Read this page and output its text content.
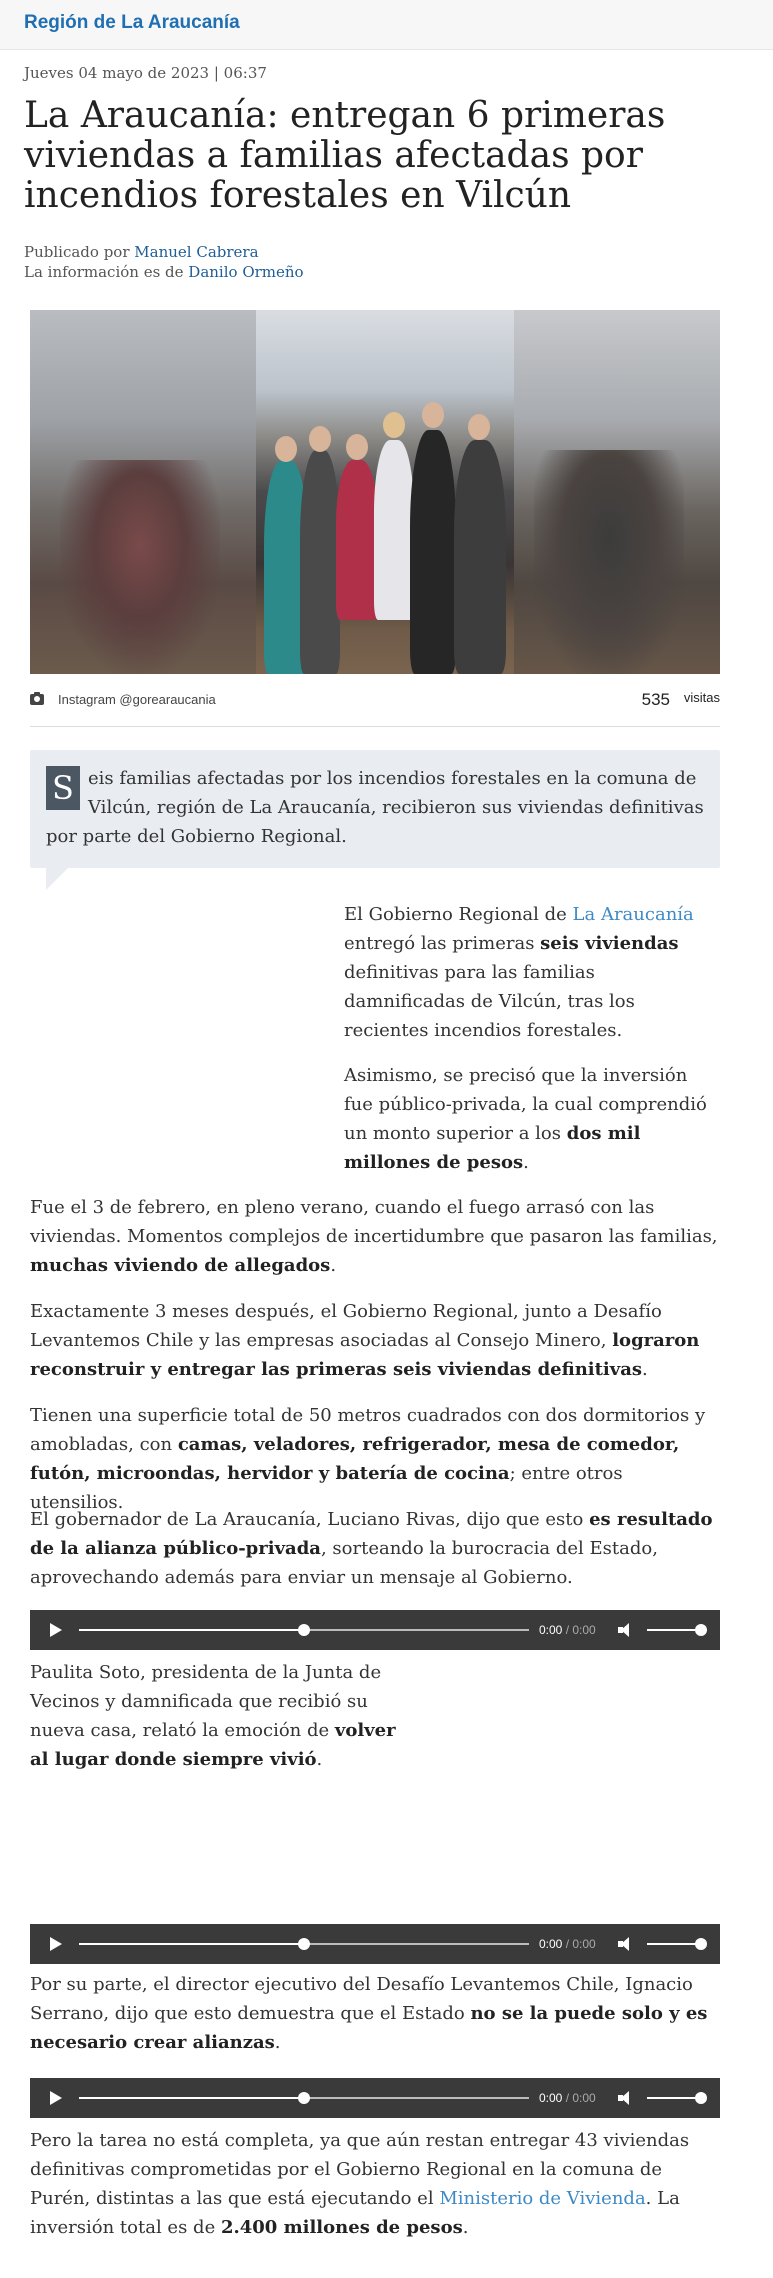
Región de La Araucanía
Jueves 04 mayo de 2023 | 06:37
La Araucanía: entregan 6 primeras viviendas a familias afectadas por incendios forestales en Vilcún
Publicado por Manuel Cabrera
La información es de Danilo Ormeño
Instagram @gorearaucania	535 visitas
S eis familias afectadas por los incendios forestales en la comuna de Vilcún, región de La Araucanía, recibieron sus viviendas definitivas por parte del Gobierno Regional.

El Gobierno Regional de La Araucanía entregó las primeras seis viviendas definitivas para las familias damnificadas de Vilcún, tras los recientes incendios forestales.

Asimismo, se precisó que la inversión fue público-privada, la cual comprendió un monto superior a los dos mil millones de pesos.

Fue el 3 de febrero, en pleno verano, cuando el fuego arrasó con las viviendas. Momentos complejos de incertidumbre que pasaron las familias, muchas viviendo de allegados.

Exactamente 3 meses después, el Gobierno Regional, junto a Desafío Levantemos Chile y las empresas asociadas al Consejo Minero, lograron reconstruir y entregar las primeras seis viviendas definitivas.

Tienen una superficie total de 50 metros cuadrados con dos dormitorios y amobladas, con camas, veladores, refrigerador, mesa de comedor, futón, microondas, hervidor y batería de cocina; entre otros utensilios.

El gobernador de La Araucanía, Luciano Rivas, dijo que esto es resultado de la alianza público-privada, sorteando la burocracia del Estado, aprovechando además para enviar un mensaje al Gobierno.

0:00 / 0:00

Paulita Soto, presidenta de la Junta de Vecinos y damnificada que recibió su nueva casa, relató la emoción de volver al lugar donde siempre vivió.

0:00 / 0:00

Por su parte, el director ejecutivo del Desafío Levantemos Chile, Ignacio Serrano, dijo que esto demuestra que el Estado no se la puede solo y es necesario crear alianzas.

0:00 / 0:00

Pero la tarea no está completa, ya que aún restan entregar 43 viviendas definitivas comprometidas por el Gobierno Regional en la comuna de Purén, distintas a las que está ejecutando el Ministerio de Vivienda. La inversión total es de 2.400 millones de pesos.
